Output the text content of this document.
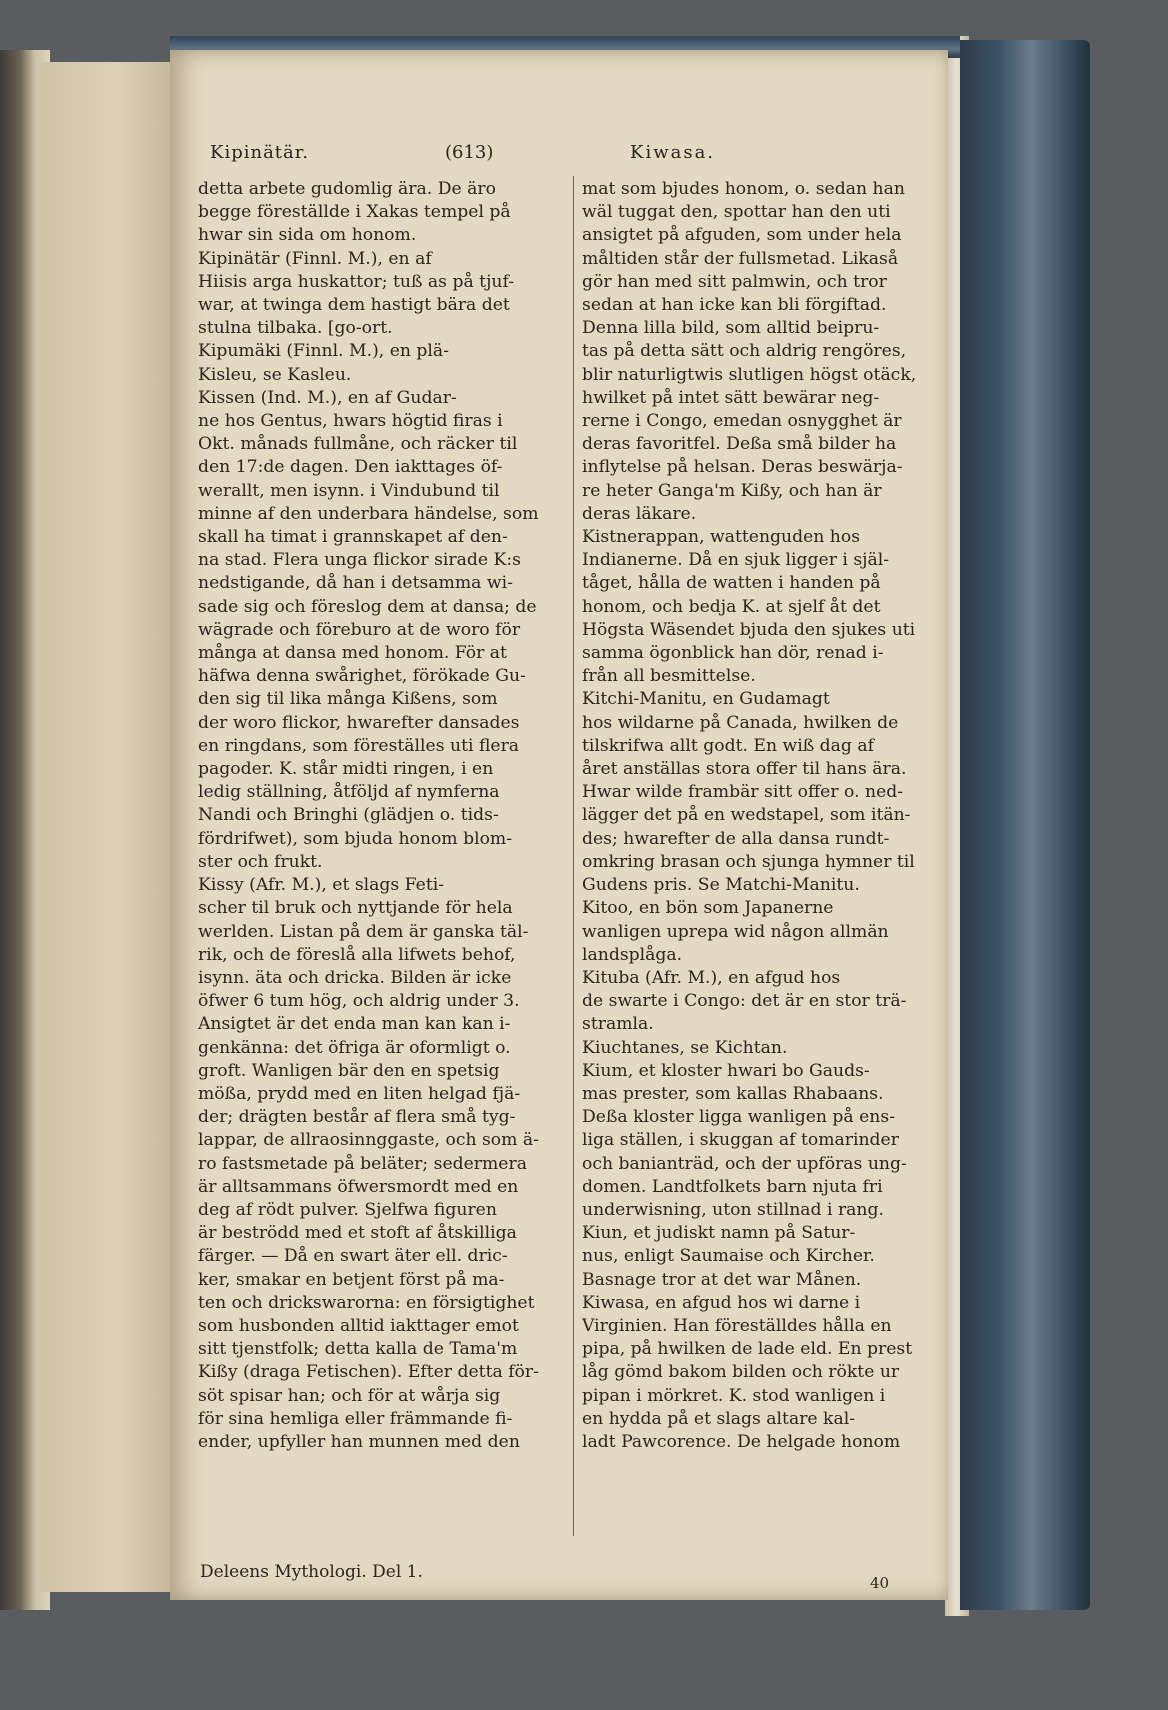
Kipinätär.	(613)	Kiwasa.
detta arbete gudomlig ära. De äro
begge föreställde i Xakas tempel på
hwar sin sida om honom.
Kipinätär (Finnl. M.), en af
Hiisis arga huskattor; tuß as på tjuf-
war, at twinga dem hastigt bära det
stulna tilbaka. [go-ort.
Kipumäki (Finnl. M.), en plä-
Kisleu, se Kasleu.
Kissen (Ind. M.), en af Gudar-
ne hos Gentus, hwars högtid firas i
Okt. månads fullmåne, och räcker til
den 17:de dagen. Den iakttages öf-
werallt, men isynn. i Vindubund til
minne af den underbara händelse, som
skall ha timat i grannskapet af den-
na stad. Flera unga flickor sirade K:s
nedstigande, då han i detsamma wi-
sade sig och föreslog dem at dansa; de
wägrade och föreburo at de woro för
många at dansa med honom. För at
häfwa denna swårighet, förökade Gu-
den sig til lika många Kißens, som
der woro flickor, hwarefter dansades
en ringdans, som föreställes uti flera
pagoder. K. står midti ringen, i en
ledig ställning, åtföljd af nymferna
Nandi och Bringhi (glädjen o. tids-
fördrifwet), som bjuda honom blom-
ster och frukt.
Kissy (Afr. M.), et slags Feti-
scher til bruk och nyttjande för hela
werlden. Listan på dem är ganska täl-
rik, och de föreslå alla lifwets behof,
isynn. äta och dricka. Bilden är icke
öfwer 6 tum hög, och aldrig under 3.
Ansigtet är det enda man kan kan i-
genkänna: det öfriga är oformligt o.
groft. Wanligen bär den en spetsig
mößa, prydd med en liten helgad fjä-
der; drägten består af flera små tyg-
lappar, de allraosinnggaste, och som ä-
ro fastsmetade på beläter; sedermera
är alltsammans öfwersmordt med en
deg af rödt pulver. Sjelfwa figuren
är beströdd med et stoft af åtskilliga
färger. — Då en swart äter ell. dric-
ker, smakar en betjent först på ma-
ten och drickswarorna: en försigtighet
som husbonden alltid iakttager emot
sitt tjenstfolk; detta kalla de Tama'm
Kißy (draga Fetischen). Efter detta för-
söt spisar han; och för at wårja sig
för sina hemliga eller främmande fi-
ender, upfyller han munnen med den
mat som bjudes honom, o. sedan han
wäl tuggat den, spottar han den uti
ansigtet på afguden, som under hela
måltiden står der fullsmetad. Likaså
gör han med sitt palmwin, och tror
sedan at han icke kan bli förgiftad.
Denna lilla bild, som alltid beipru-
tas på detta sätt och aldrig rengöres,
blir naturligtwis slutligen högst otäck,
hwilket på intet sätt bewärar neg-
rerne i Congo, emedan osnygghet är
deras favoritfel. Deßa små bilder ha
inflytelse på helsan. Deras beswärja-
re heter Ganga'm Kißy, och han är
deras läkare.
Kistnerappan, wattenguden hos
Indianerne. Då en sjuk ligger i själ-
tåget, hålla de watten i handen på
honom, och bedja K. at sjelf åt det
Högsta Wäsendet bjuda den sjukes uti
samma ögonblick han dör, renad i-
från all besmittelse.
Kitchi-Manitu, en Gudamagt
hos wildarne på Canada, hwilken de
tilskrifwa allt godt. En wiß dag af
året anställas stora offer til hans ära.
Hwar wilde frambär sitt offer o. ned-
lägger det på en wedstapel, som itän-
des; hwarefter de alla dansa rundt-
omkring brasan och sjunga hymner til
Gudens pris. Se Matchi-Manitu.
Kitoo, en bön som Japanerne
wanligen uprepa wid någon allmän
landsplåga.
Kituba (Afr. M.), en afgud hos
de swarte i Congo: det är en stor trä-
stramla.
Kiuchtanes, se Kichtan.
Kium, et kloster hwari bo Gauds-
mas prester, som kallas Rhabaans.
Deßa kloster ligga wanligen på ens-
liga ställen, i skuggan af tomarinder
och banianträd, och der upföras ung-
domen. Landtfolkets barn njuta fri
underwisning, uton stillnad i rang.
Kiun, et judiskt namn på Satur-
nus, enligt Saumaise och Kircher.
Basnage tror at det war Månen.
Kiwasa, en afgud hos wi darne i
Virginien. Han föreställdes hålla en
pipa, på hwilken de lade eld. En prest
låg gömd bakom bilden och rökte ur
pipan i mörkret. K. stod wanligen i
en hydda på et slags altare kal-
ladt Pawcorence. De helgade honom
Deleens Mythologi. Del 1.
40
